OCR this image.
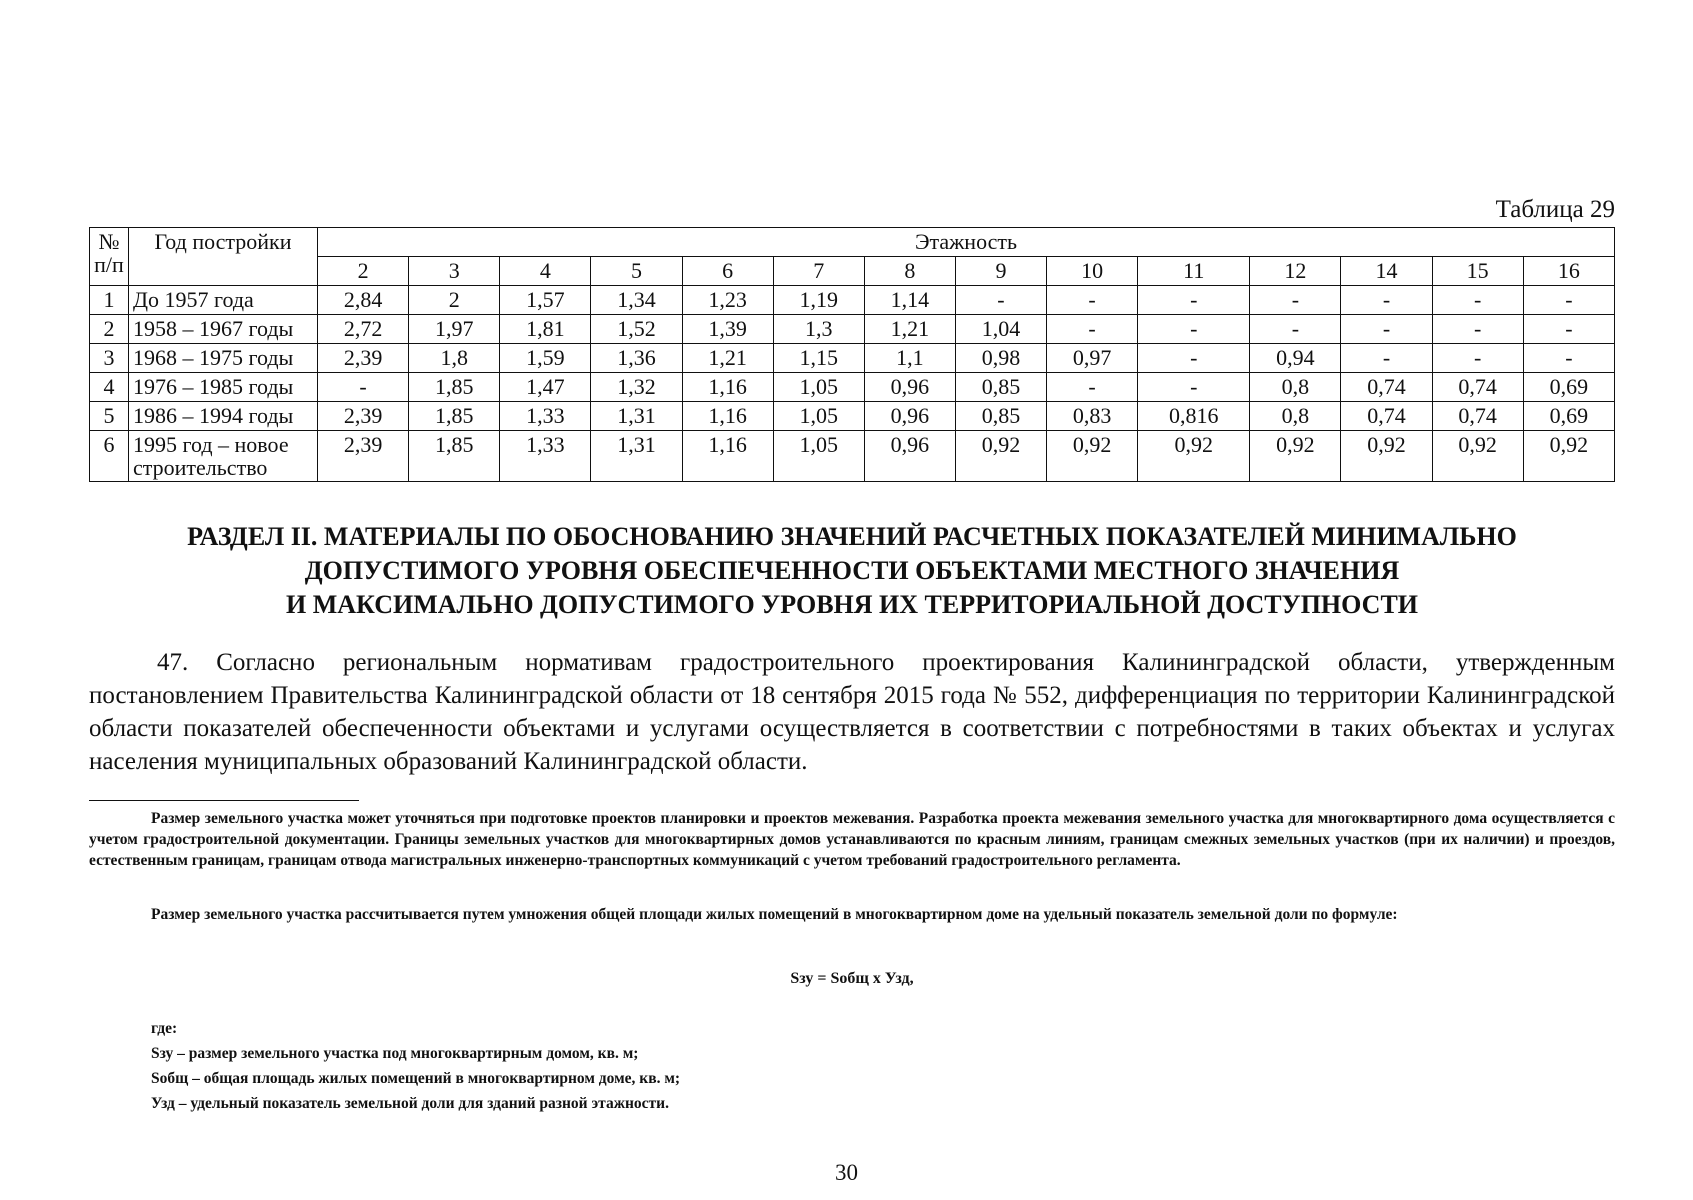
Таблица 29
№ п/п	Год постройки	Этажность													
		2	3	4	5	6	7	8	9	10	11	12	14	15	16
1	До 1957 года	2,84	2	1,57	1,34	1,23	1,19	1,14	-	-	-	-	-	-	-
2	1958 – 1967 годы	2,72	1,97	1,81	1,52	1,39	1,3	1,21	1,04	-	-	-	-	-	-
3	1968 – 1975 годы	2,39	1,8	1,59	1,36	1,21	1,15	1,1	0,98	0,97	-	0,94	-	-	-
4	1976 – 1985 годы	-	1,85	1,47	1,32	1,16	1,05	0,96	0,85	-	-	0,8	0,74	0,74	0,69
5	1986 – 1994 годы	2,39	1,85	1,33	1,31	1,16	1,05	0,96	0,85	0,83	0,816	0,8	0,74	0,74	0,69
6	1995 год – новое строительство	2,39	1,85	1,33	1,31	1,16	1,05	0,96	0,92	0,92	0,92	0,92	0,92	0,92	0,92
РАЗДЕЛ II. МАТЕРИАЛЫ ПО ОБОСНОВАНИЮ ЗНАЧЕНИЙ РАСЧЕТНЫХ ПОКАЗАТЕЛЕЙ МИНИМАЛЬНО
ДОПУСТИМОГО УРОВНЯ ОБЕСПЕЧЕННОСТИ ОБЪЕКТАМИ МЕСТНОГО ЗНАЧЕНИЯ
И МАКСИМАЛЬНО ДОПУСТИМОГО УРОВНЯ ИХ ТЕРРИТОРИАЛЬНОЙ ДОСТУПНОСТИ
47. Согласно региональным нормативам градостроительного проектирования Калининградской области, утвержденным постановлением Правительства Калининградской области от 18 сентября 2015 года № 552, дифференциация по территории Калининградской области показателей обеспеченности объектами и услугами осуществляется в соответствии с потребностями в таких объектах и услугах населения муниципальных образований Калининградской области.
Размер земельного участка может уточняться при подготовке проектов планировки и проектов межевания. Разработка проекта межевания земельного участка для многоквартирного дома осуществляется с учетом градостроительной документации. Границы земельных участков для многоквартирных домов устанавливаются по красным линиям, границам смежных земельных участков (при их наличии) и проездов, естественным границам, границам отвода магистральных инженерно-транспортных коммуникаций с учетом требований градостроительного регламента.
Размер земельного участка рассчитывается путем умножения общей площади жилых помещений в многоквартирном доме на удельный показатель земельной доли по формуле:
Sзу = Sобщ х Узд,
где:
Sзу – размер земельного участка под многоквартирным домом, кв. м;
Sобщ – общая площадь жилых помещений в многоквартирном доме, кв. м;
Узд – удельный показатель земельной доли для зданий разной этажности.
30
